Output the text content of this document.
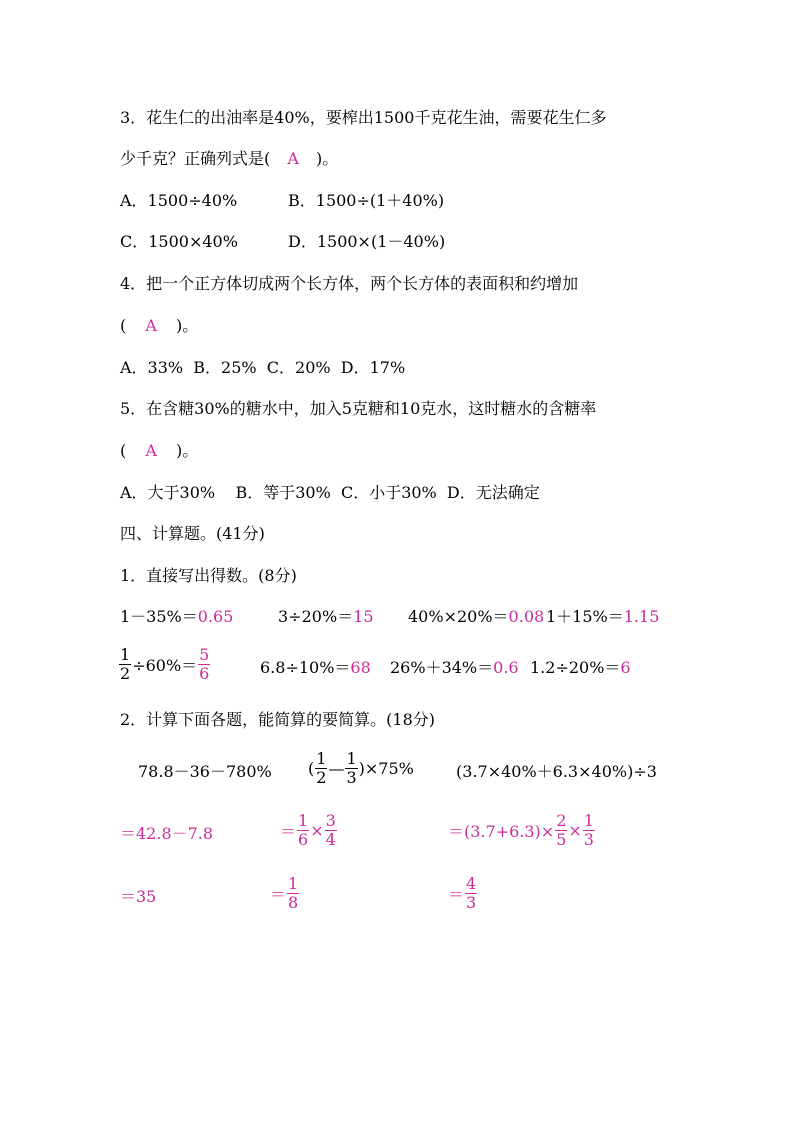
3．花生仁的出油率是40%，要榨出1500千克花生油，需要花生仁多
少千克？正确列式是( A )。
A．1500÷40%	B．1500÷(1＋40%)
C．1500×40%	D．1500×(1－40%)
4．把一个正方体切成两个长方体，两个长方体的表面积和约增加
( A )。
A．33%  B．25%  C．20%  D．17%
5．在含糖30%的糖水中，加入5克糖和10克水，这时糖水的含糖率
( A )。
A．大于30%    B．等于30%  C．小于30%  D．无法确定
四、计算题。(41分)
1．直接写出得数。(8分)
1－35%＝0.65	3÷20%＝15 40%×20%＝0.08 1＋15%＝1.15
$\frac{1}{2} \div 60\%= \frac{5}{6}$	6.8÷10%＝68 26%＋34%＝0.6 1.2÷20%＝6
2．计算下面各题，能简算的要简算。(18分)
78.8－36－780%
＝42.8－7.8
＝35
( $\frac{1}{2}$ — $\frac{1}{3} )\times 75\%$
＝ $\frac{1}{6} \times \frac{3}{4}$
＝ $\frac{1}{8}$
(3.7×40%＋6.3×40%)÷3
$=(3.7+6.3)\times \frac{2}{5} \times \frac{1}{3}$
＝ $\frac{4}{3}$
